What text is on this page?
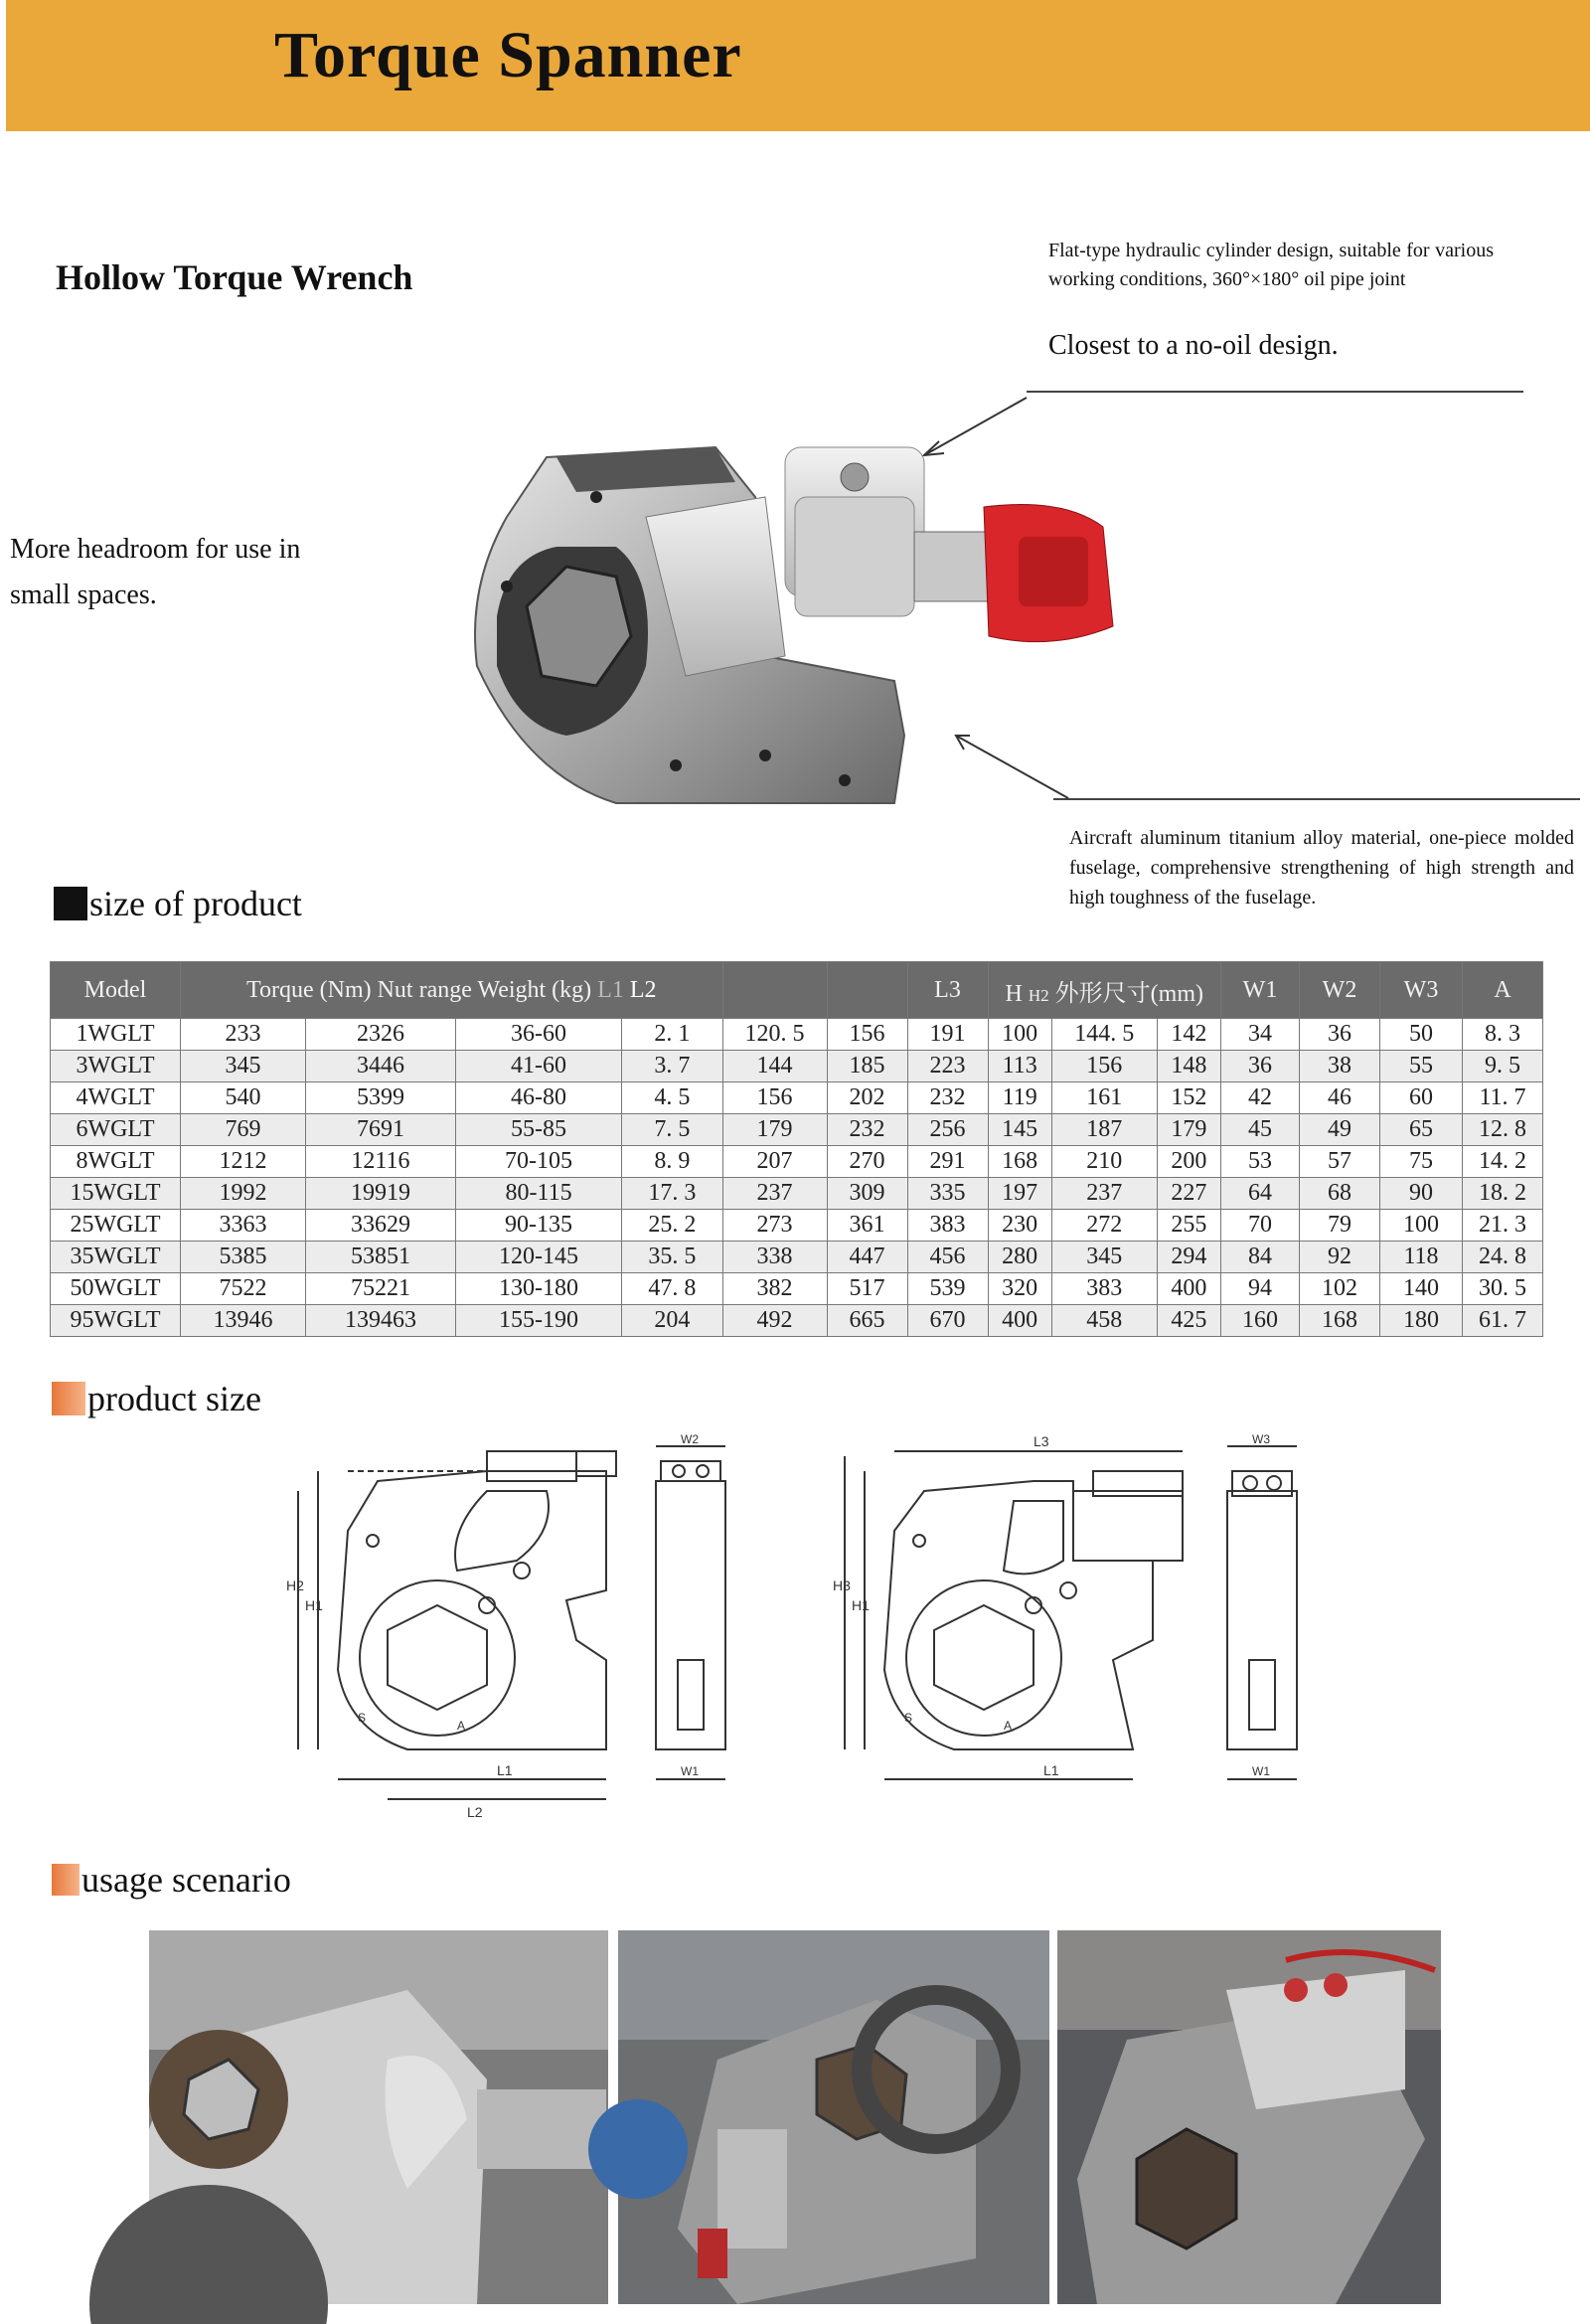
Torque Spanner
Hollow Torque Wrench
Flat-type hydraulic cylinder design, suitable for various working conditions, 360°×180° oil pipe joint
Closest to a no-oil design.
More headroom for use in small spaces.
Aircraft aluminum titanium alloy material, one-piece molded fuselage, comprehensive strengthening of high strength and high toughness of the fuselage.
size of product
Model	Torque (Nm) Nut range Weight (kg) L1 L2						L3	H H2 外形尺寸(mm)			W1	W2	W3	A
1WGLT	233	2326	36-60	2. 1	120. 5	156	191	100	144. 5	142	34	36	50	8. 3
3WGLT	345	3446	41-60	3. 7	144	185	223	113	156	148	36	38	55	9. 5
4WGLT	540	5399	46-80	4. 5	156	202	232	119	161	152	42	46	60	11. 7
6WGLT	769	7691	55-85	7. 5	179	232	256	145	187	179	45	49	65	12. 8
8WGLT	1212	12116	70-105	8. 9	207	270	291	168	210	200	53	57	75	14. 2
15WGLT	1992	19919	80-115	17. 3	237	309	335	197	237	227	64	68	90	18. 2
25WGLT	3363	33629	90-135	25. 2	273	361	383	230	272	255	70	79	100	21. 3
35WGLT	5385	53851	120-145	35. 5	338	447	456	280	345	294	84	92	118	24. 8
50WGLT	7522	75221	130-180	47. 8	382	517	539	320	383	400	94	102	140	30. 5
95WGLT	13946	139463	155-190	204	492	665	670	400	458	425	160	168	180	61. 7
product size
H2
H1
L1
L2
A
S
W2
W1
L3
H3
H1
L1
A
S
W3
W1
usage scenario
